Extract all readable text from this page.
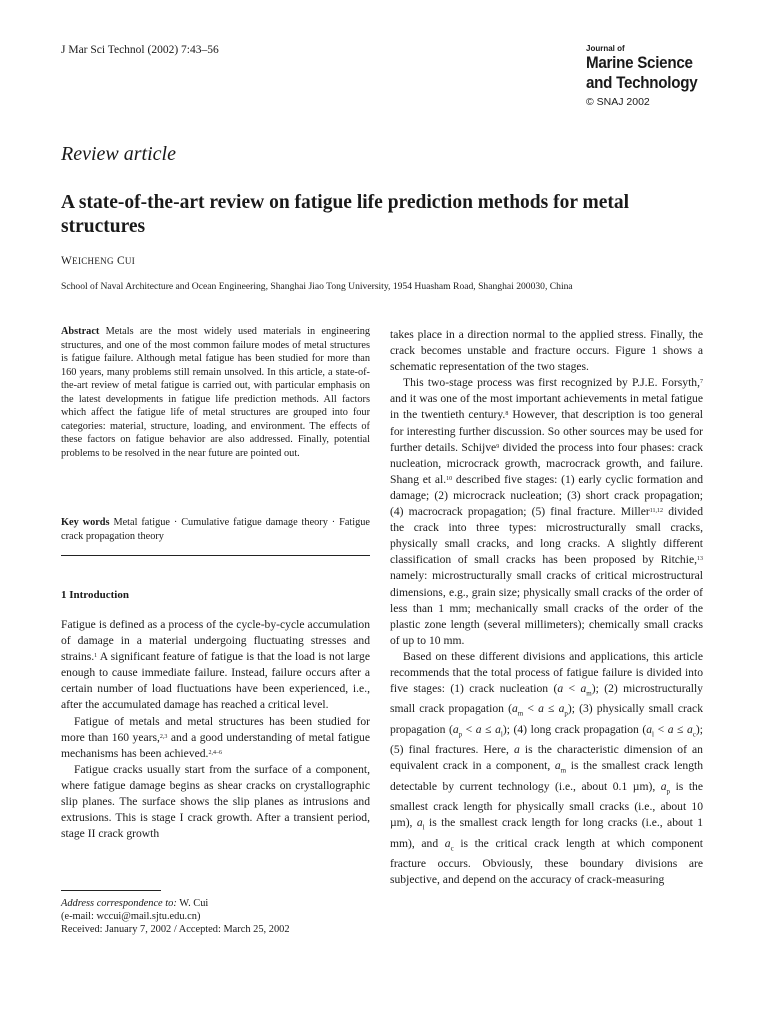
J Mar Sci Technol (2002) 7:43–56	Journal of
Marine Science
and Technology
© SNAJ 2002
Review article
A state-of-the-art review on fatigue life prediction methods for metal structures
WEICHENG CUI
School of Naval Architecture and Ocean Engineering, Shanghai Jiao Tong University, 1954 Huasham Road, Shanghai 200030, China

Abstract Metals are the most widely used materials in engineering structures, and one of the most common failure modes of metal structures is fatigue failure. Although metal fatigue has been studied for more than 160 years, many problems still remain unsolved. In this article, a state-of-the-art review of metal fatigue is carried out, with particular emphasis on the latest developments in fatigue life prediction methods. All factors which affect the fatigue life of metal structures are grouped into four categories: material, structure, loading, and environment. The effects of these factors on fatigue behavior are also addressed. Finally, potential problems to be resolved in the near future are pointed out.

Key words Metal fatigue · Cumulative fatigue damage theory · Fatigue crack propagation theory

1 Introduction

Fatigue is defined as a process of the cycle-by-cycle accumulation of damage in a material undergoing fluctuating stresses and strains.$^1$ A significant feature of fatigue is that the load is not large enough to cause immediate failure. Instead, failure occurs after a certain number of load fluctuations have been experienced, i.e., after the accumulated damage has reached a critical level.

Fatigue of metals and metal structures has been studied for more than 160 years,$^{2,3}$ and a good understanding of metal fatigue mechanisms has been achieved.$^{2,4-6}$

Fatigue cracks usually start from the surface of a component, where fatigue damage begins as shear cracks on crystallographic slip planes. The surface shows the slip planes as intrusions and extrusions. This is stage I crack growth. After a transient period, stage II crack growth

Address correspondence to: W. Cui
(e-mail: wccui@mail.sjtu.edu.cn)
Received: January 7, 2002 / Accepted: March 25, 2002

takes place in a direction normal to the applied stress. Finally, the crack becomes unstable and fracture occurs. Figure 1 shows a schematic representation of the two stages.

This two-stage process was first recognized by P.J.E. Forsyth,$^7$ and it was one of the most important achievements in metal fatigue in the twentieth century.$^8$ However, that description is too general for interesting further discussion. So other sources may be used for further details. Schijve$^9$ divided the process into four phases: crack nucleation, microcrack growth, macrocrack growth, and failure. Shang et al.$^{10}$ described five stages: (1) early cyclic formation and damage; (2) microcrack nucleation; (3) short crack propagation; (4) macrocrack propagation; (5) final fracture. Miller$^{11,12}$ divided the crack into three types: microstructurally small cracks, physically small cracks, and long cracks. A slightly different classification of small cracks has been proposed by Ritchie,$^{13}$ namely: microstructurally small cracks of critical microstructural dimensions, e.g., grain size; physically small cracks of the order of less than 1 mm; mechanically small cracks of the order of the plastic zone length (several millimeters); chemically small cracks of up to 10 mm.

Based on these different divisions and applications, this article recommends that the total process of fatigue failure is divided into five stages: (1) crack nucleation $(a < a_m)$; (2) microstructurally small crack propagation $(a_m < a \le a_p)$; (3) physically small crack propagation $(a_p < a \le a_l)$; (4) long crack propagation $(a_l < a \le a_c)$; (5) final fractures. Here, a is the characteristic dimension of an equivalent crack in a component, $a_m$ is the smallest crack length detectable by current technology (i.e., about 0.1 µm), $a_p$ is the smallest crack length for physically small cracks (i.e., about 10 µm), $a_l$ is the smallest crack length for long cracks (i.e., about 1 mm), and $a_c$ is the critical crack length at which component fracture occurs. Obviously, these boundary divisions are subjective, and depend on the accuracy of crack-measuring
